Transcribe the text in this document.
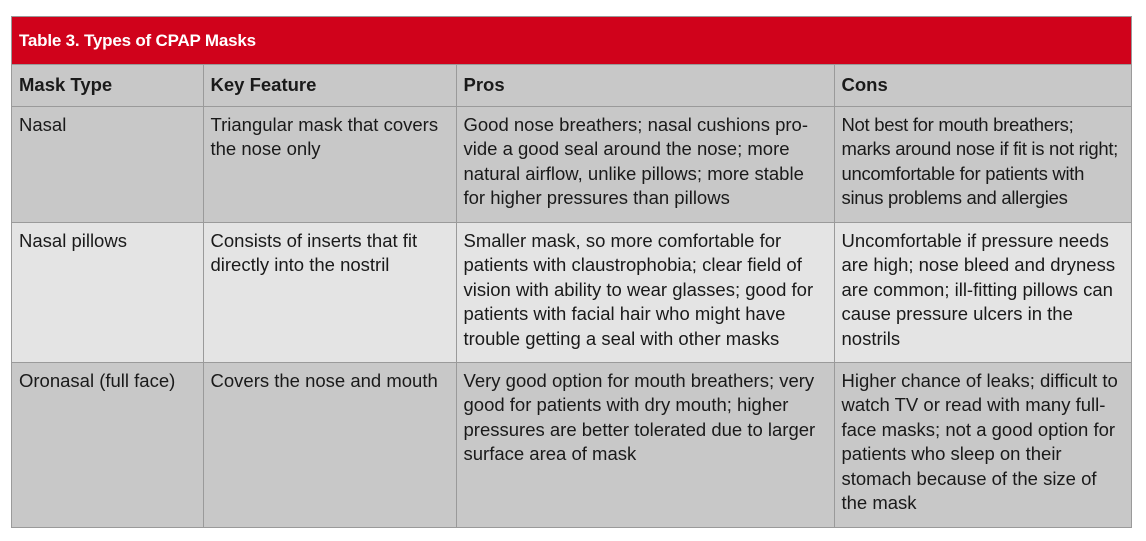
Table 3. Types of CPAP Masks
Mask Type	Key Feature	Pros	Cons
Nasal	Triangular mask that covers the nose only	Good nose breathers; nasal cushions pro-vide a good seal around the nose; more natural airflow, unlike pillows; more stable for higher pressures than pillows	Not best for mouth breathers; marks around nose if fit is not right; uncomfortable for patients with sinus problems and allergies
Nasal pillows	Consists of inserts that fit directly into the nostril	Smaller mask, so more comfortable for patients with claustrophobia; clear field of vision with ability to wear glasses; good for patients with facial hair who might have trouble getting a seal with other masks	Uncomfortable if pressure needs are high; nose bleed and dryness are common; ill-fitting pillows can cause pressure ulcers in the nostrils
Oronasal (full face)	Covers the nose and mouth	Very good option for mouth breathers; very good for patients with dry mouth; higher pressures are better tolerated due to larger surface area of mask	Higher chance of leaks; difficult to watch TV or read with many full-face masks; not a good option for patients who sleep on their stomach because of the size of the mask
